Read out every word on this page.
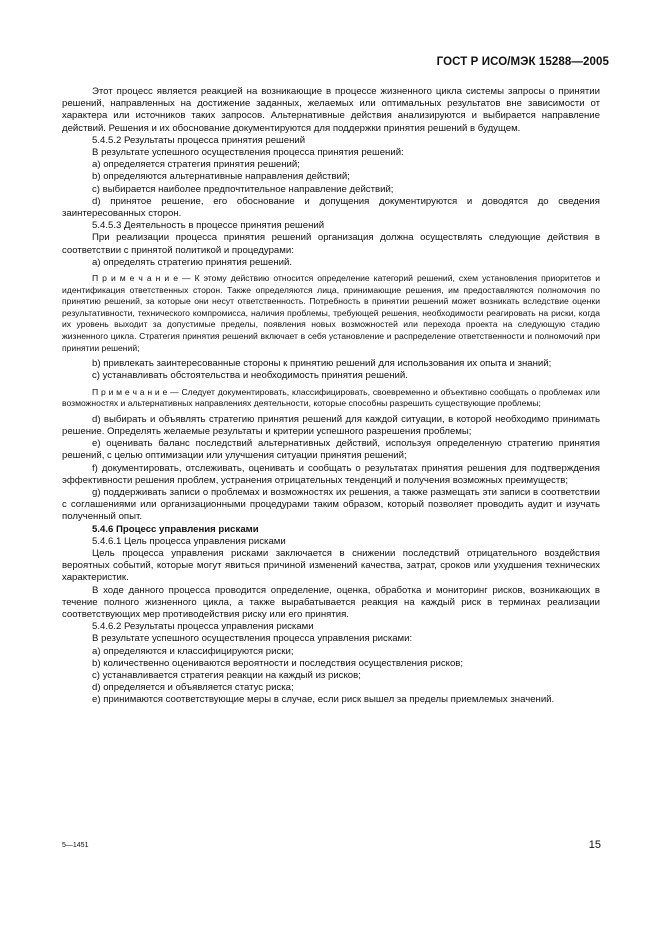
ГОСТ Р ИСО/МЭК 15288—2005

Этот процесс является реакцией на возникающие в процессе жизненного цикла системы запросы о принятии решений, направленных на достижение заданных, желаемых или оптимальных результатов вне зависимости от характера или источников таких запросов. Альтернативные действия анализируются и выбирается направление действий. Решения и их обоснование документируются для поддержки принятия решений в будущем.

5.4.5.2 Результаты процесса принятия решений

В результате успешного осуществления процесса принятия решений:

a) определяется стратегия принятия решений;

b) определяются альтернативные направления действий;

c) выбирается наиболее предпочтительное направление действий;

d) принятое решение, его обоснование и допущения документируются и доводятся до сведения заинтересованных сторон.

5.4.5.3 Деятельность в процессе принятия решений

При реализации процесса принятия решений организация должна осуществлять следующие действия в соответствии с принятой политикой и процедурами:

a) определять стратегию принятия решений.

П р и м е ч а н и е — К этому действию относится определение категорий решений, схем установления приоритетов и идентификация ответственных сторон. Также определяются лица, принимающие решения, им предоставляются полномочия по принятию решений, за которые они несут ответственность. Потребность в принятии решений может возникать вследствие оценки результативности, технического компромисса, наличия проблемы, требующей решения, необходимости реагировать на риски, когда их уровень выходит за допустимые пределы, появления новых возможностей или перехода проекта на следующую стадию жизненного цикла. Стратегия принятия решений включает в себя установление и распределение ответственности и полномочий при принятии решений;

b) привлекать заинтересованные стороны к принятию решений для использования их опыта и знаний;

c) устанавливать обстоятельства и необходимость принятия решений.

П р и м е ч а н и е — Следует документировать, классифицировать, своевременно и объективно сообщать о проблемах или возможностях и альтернативных направлениях деятельности, которые способны разрешить существующие проблемы;

d) выбирать и объявлять стратегию принятия решений для каждой ситуации, в которой необходимо принимать решение. Определять желаемые результаты и критерии успешного разрешения проблемы;

e) оценивать баланс последствий альтернативных действий, используя определенную стратегию принятия решений, с целью оптимизации или улучшения ситуации принятия решений;

f) документировать, отслеживать, оценивать и сообщать о результатах принятия решения для подтверждения эффективности решения проблем, устранения отрицательных тенденций и получения возможных преимуществ;

g) поддерживать записи о проблемах и возможностях их решения, а также размещать эти записи в соответствии с соглашениями или организационными процедурами таким образом, который позволяет проводить аудит и изучать полученный опыт.

5.4.6 Процесс управления рисками

5.4.6.1 Цель процесса управления рисками

Цель процесса управления рисками заключается в снижении последствий отрицательного воздействия вероятных событий, которые могут явиться причиной изменений качества, затрат, сроков или ухудшения технических характеристик.

В ходе данного процесса проводится определение, оценка, обработка и мониторинг рисков, возникающих в течение полного жизненного цикла, а также вырабатывается реакция на каждый риск в терминах реализации соответствующих мер противодействия риску или его принятия.

5.4.6.2 Результаты процесса управления рисками

В результате успешного осуществления процесса управления рисками:

a) определяются и классифицируются риски;

b) количественно оцениваются вероятности и последствия осуществления рисков;

c) устанавливается стратегия реакции на каждый из рисков;

d) определяется и объявляется статус риска;

e) принимаются соответствующие меры в случае, если риск вышел за пределы приемлемых значений.

5—1451	15
